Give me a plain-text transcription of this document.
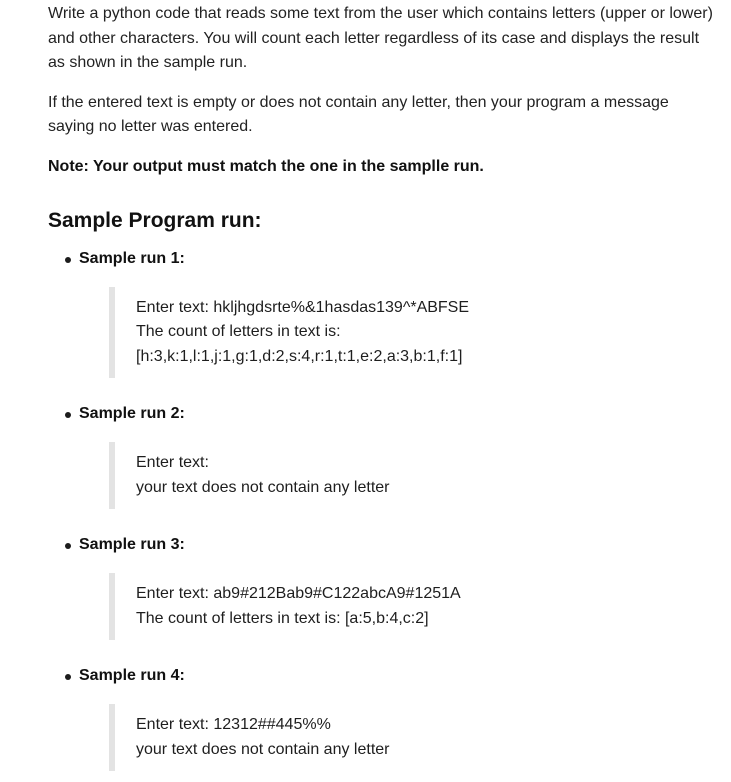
Write a python code that reads some text from the user which contains letters (upper or lower) and other characters. You will count each letter regardless of its case and displays the result as shown in the sample run.

If the entered text is empty or does not contain any letter, then your program a message saying no letter was entered.

Note: Your output must match the one in the samplle run.

Sample Program run:
Sample run 1:
Enter text: hkljhgdsrte%&1hasdas139^*ABFSE
The count of letters in text is:
[h:3,k:1,l:1,j:1,g:1,d:2,s:4,r:1,t:1,e:2,a:3,b:1,f:1]
Sample run 2:
Enter text:
your text does not contain any letter
Sample run 3:
Enter text: ab9#212Bab9#C122abcA9#1251A
The count of letters in text is: [a:5,b:4,c:2]
Sample run 4:
Enter text: 12312##445%%
your text does not contain any letter
